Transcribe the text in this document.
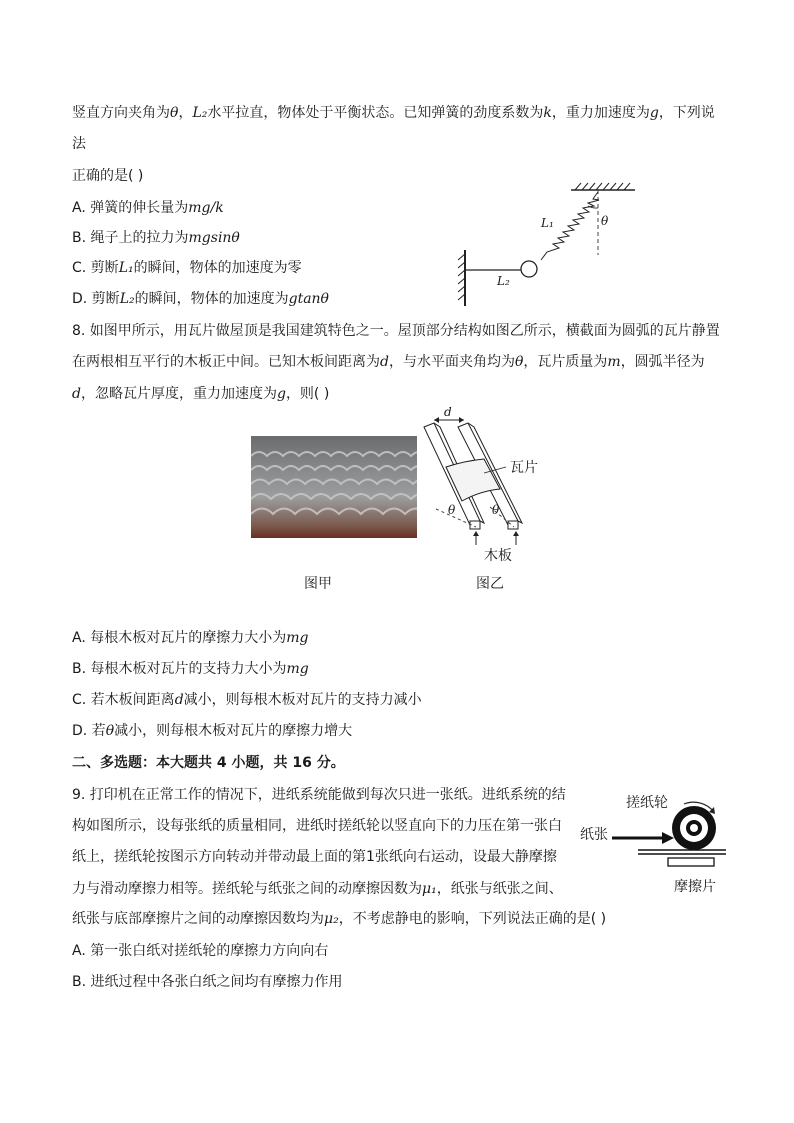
竖直方向夹角为θ，L₂水平拉直，物体处于平衡状态。已知弹簧的劲度系数为k，重力加速度为g，下列说
法
正确的是( )
A. 弹簧的伸长量为mg/k
B. 绳子上的拉力为mgsinθ
C. 剪断L₁的瞬间，物体的加速度为零
D. 剪断L₂的瞬间，物体的加速度为gtanθ
L₁	θ
L₂
8. 如图甲所示，用瓦片做屋顶是我国建筑特色之一。屋顶部分结构如图乙所示，横截面为圆弧的瓦片静置
在两根相互平行的木板正中间。已知木板间距离为d，与水平面夹角均为θ，瓦片质量为m，圆弧半径为
d，忽略瓦片厚度，重力加速度为g，则( )
图甲
d
瓦片
θ	θ
木板
图乙
A. 每根木板对瓦片的摩擦力大小为mg
B. 每根木板对瓦片的支持力大小为mg
C. 若木板间距离d减小，则每根木板对瓦片的支持力减小
D. 若θ减小，则每根木板对瓦片的摩擦力增大
二、多选题：本大题共 4 小题，共 16 分。
9. 打印机在正常工作的情况下，进纸系统能做到每次只进一张纸。进纸系统的结
构如图所示，设每张纸的质量相同，进纸时搓纸轮以竖直向下的力压在第一张白
纸上，搓纸轮按图示方向转动并带动最上面的第1张纸向右运动，设最大静摩擦
力与滑动摩擦力相等。搓纸轮与纸张之间的动摩擦因数为μ₁，纸张与纸张之间、
纸张与底部摩擦片之间的动摩擦因数均为μ₂，不考虑静电的影响，下列说法正确的是( )
搓纸轮
纸张
摩擦片
A. 第一张白纸对搓纸轮的摩擦力方向向右
B. 进纸过程中各张白纸之间均有摩擦力作用
